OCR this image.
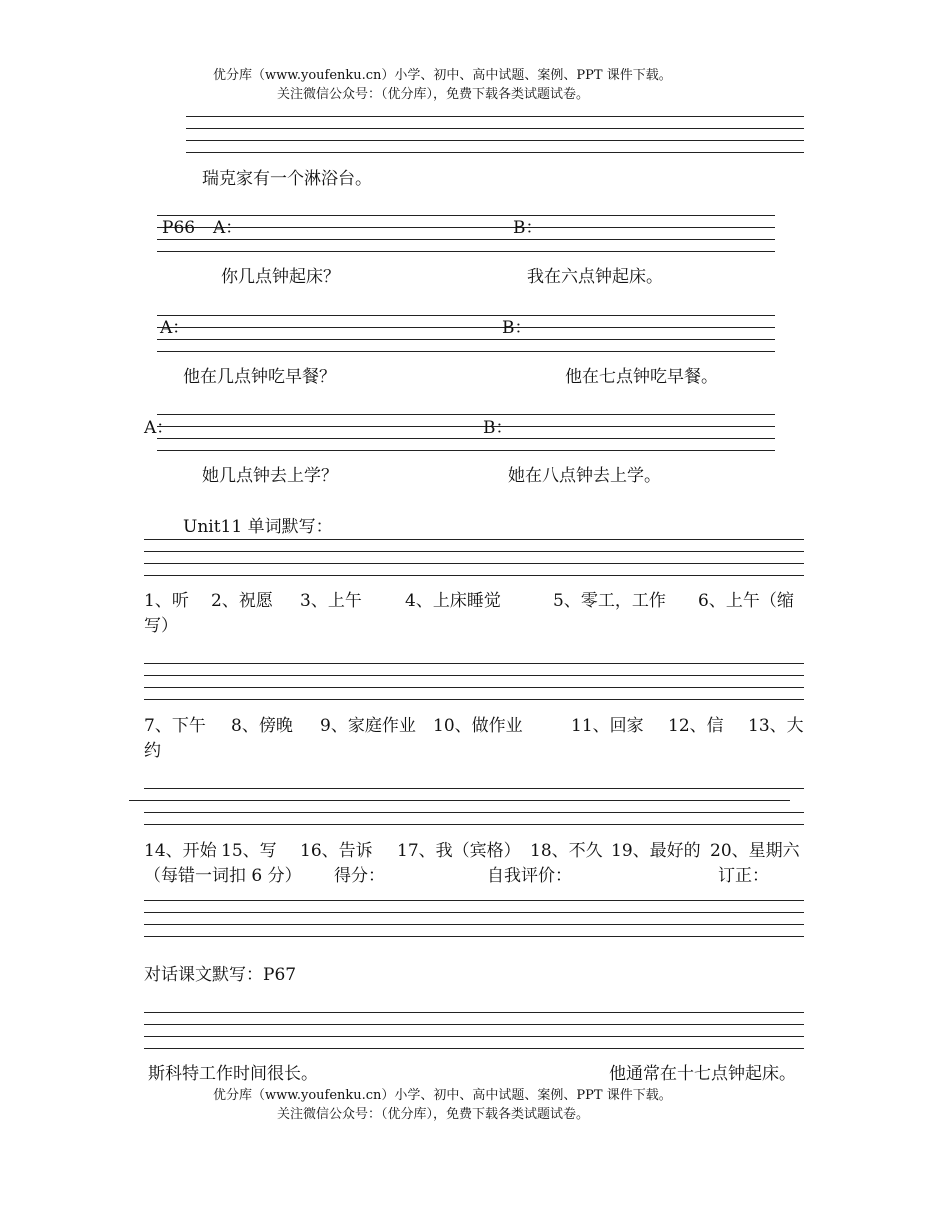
优分库（www.youfenku.cn）小学、初中、高中试题、案例、PPT 课件下载。
关注微信公众号：（优分库），免费下载各类试题试卷。
瑞克家有一个淋浴台。
P66 A：	B：
你几点钟起床？	我在六点钟起床。
A：	B：
他在几点钟吃早餐？	他在七点钟吃早餐。
A：	B：
她几点钟去上学？	她在八点钟去上学。
Unit11 单词默写：
1、听 2、祝愿 3、上午	4、上床睡觉	5、零工，工作 6、上午（缩
写）
7、下午 8、傍晚 9、家庭作业 10、做作业	11、回家 12、信 13、大
约
14、开始 15、写 16、告诉 17、我（宾格） 18、不久 19、最好的 20、星期六
（每错一词扣 6 分） 得分：	自我评价：	订正：
对话课文默写：P67
斯科特工作时间很长。	他通常在十七点钟起床。
优分库（www.youfenku.cn）小学、初中、高中试题、案例、PPT 课件下载。
关注微信公众号：（优分库），免费下载各类试题试卷。
